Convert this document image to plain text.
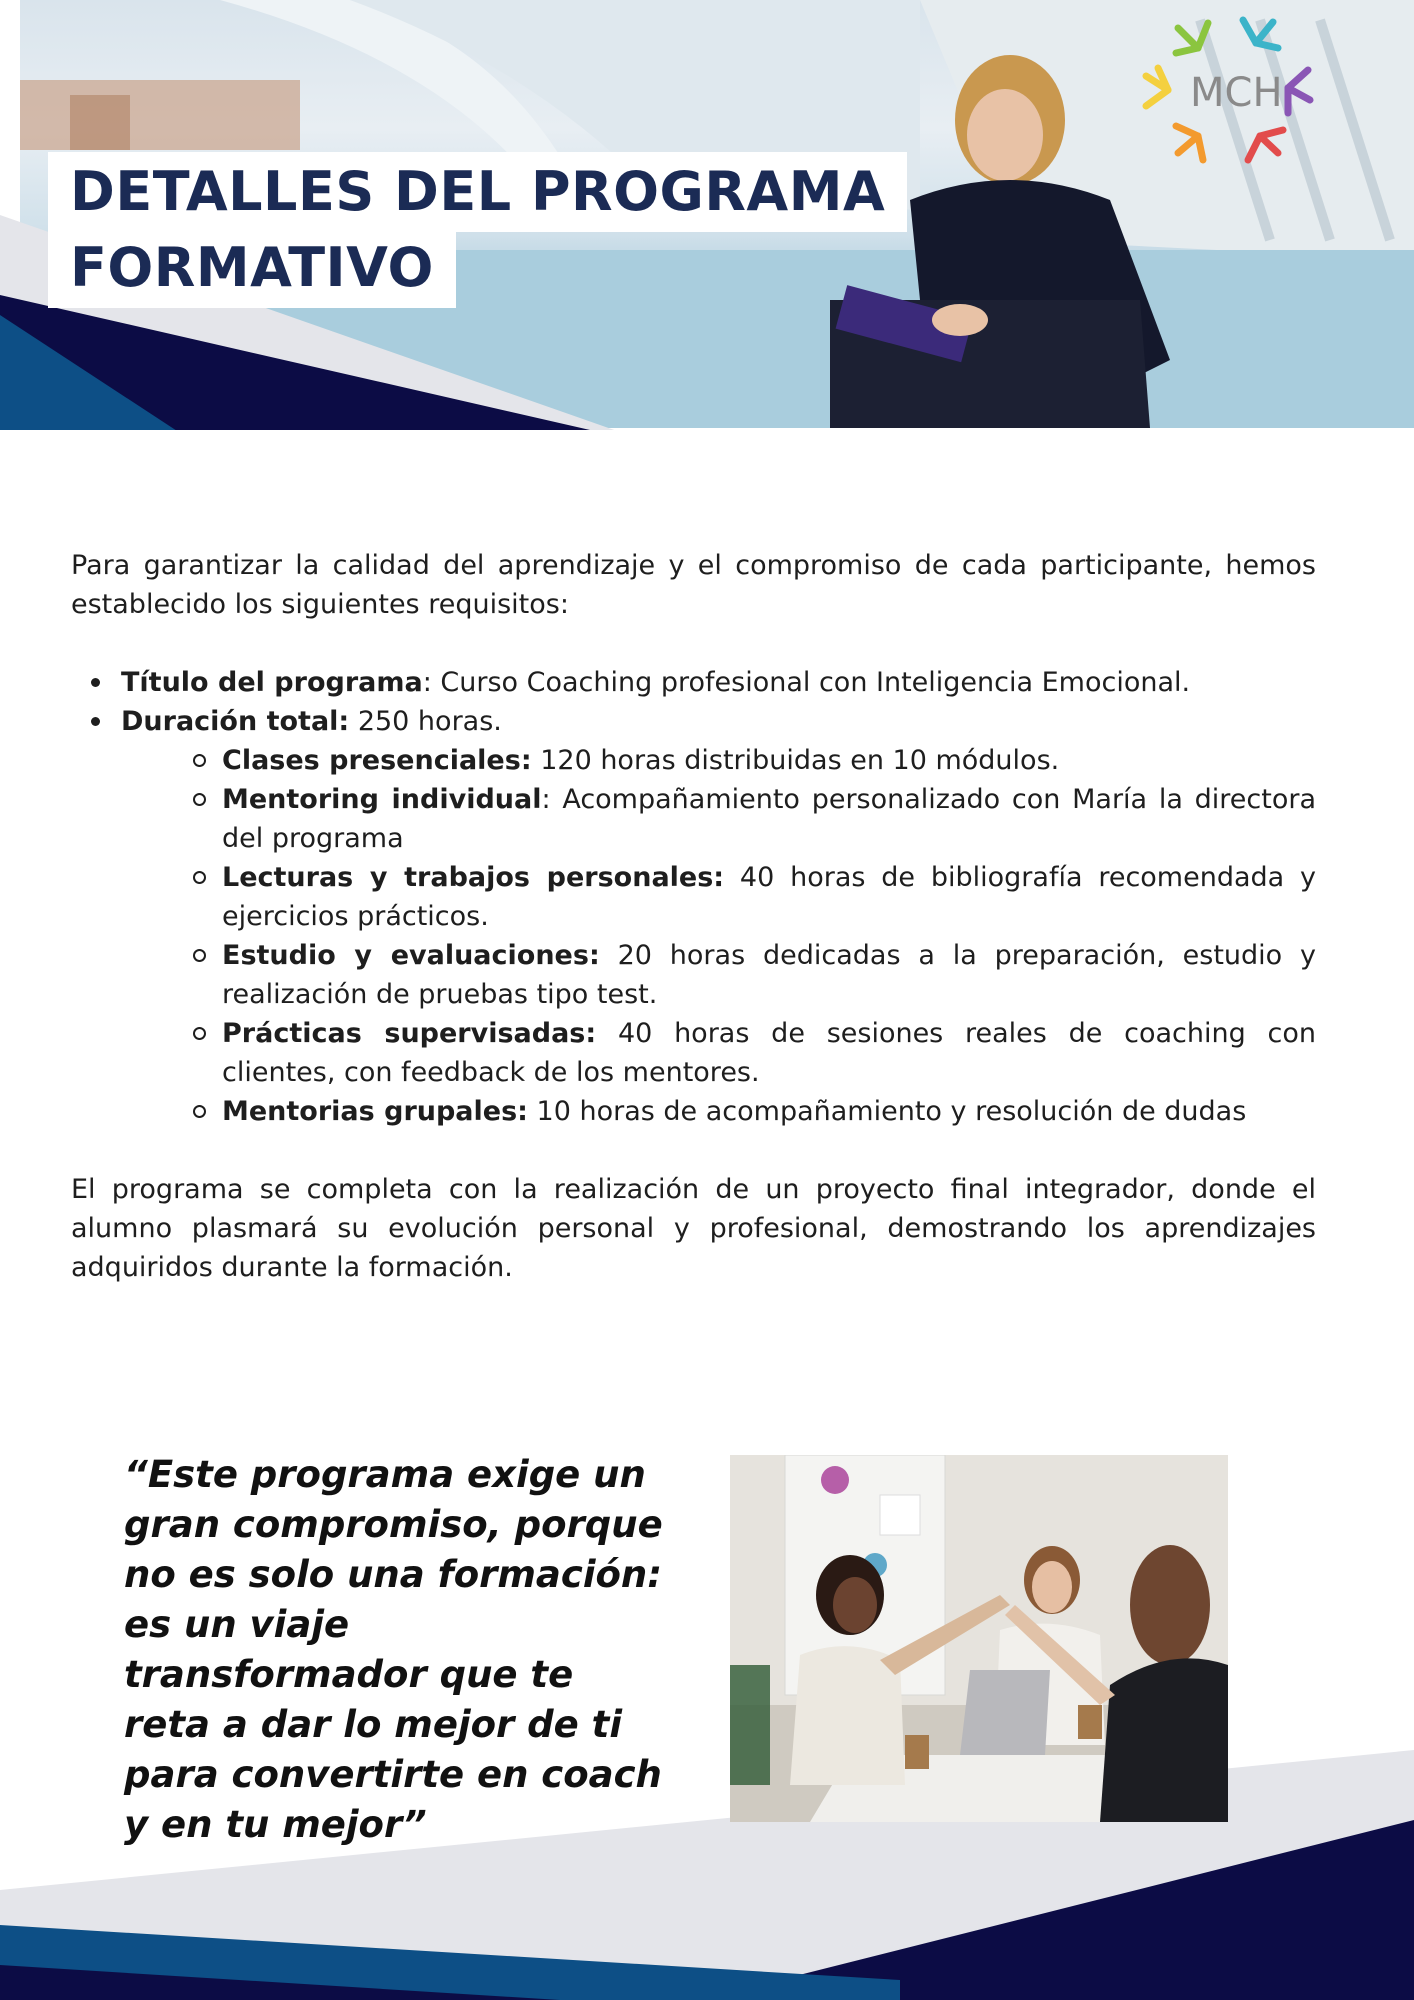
DETALLES DEL PROGRAMA
FORMATIVO
MCH

Para garantizar la calidad del aprendizaje y el compromiso de cada participante, hemos establecido los siguientes requisitos:

Título del programa: Curso Coaching profesional con Inteligencia Emocional.
Duración total: 250 horas.
Clases presenciales: 120 horas distribuidas en 10 módulos.
Mentoring individual: Acompañamiento personalizado con María la directora del programa
Lecturas y trabajos personales: 40 horas de bibliografía recomendada y ejercicios prácticos.
Estudio y evaluaciones: 20 horas dedicadas a la preparación, estudio y realización de pruebas tipo test.
Prácticas supervisadas: 40 horas de sesiones reales de coaching con clientes, con feedback de los mentores.
Mentorias grupales: 10 horas de acompañamiento y resolución de dudas

El programa se completa con la realización de un proyecto final integrador, donde el alumno plasmará su evolución personal y profesional, demostrando los aprendizajes adquiridos durante la formación.

“Este programa exige un gran compromiso, porque no es solo una formación: es un viaje transformador que te reta a dar lo mejor de ti para convertirte en coach y en tu mejor”
